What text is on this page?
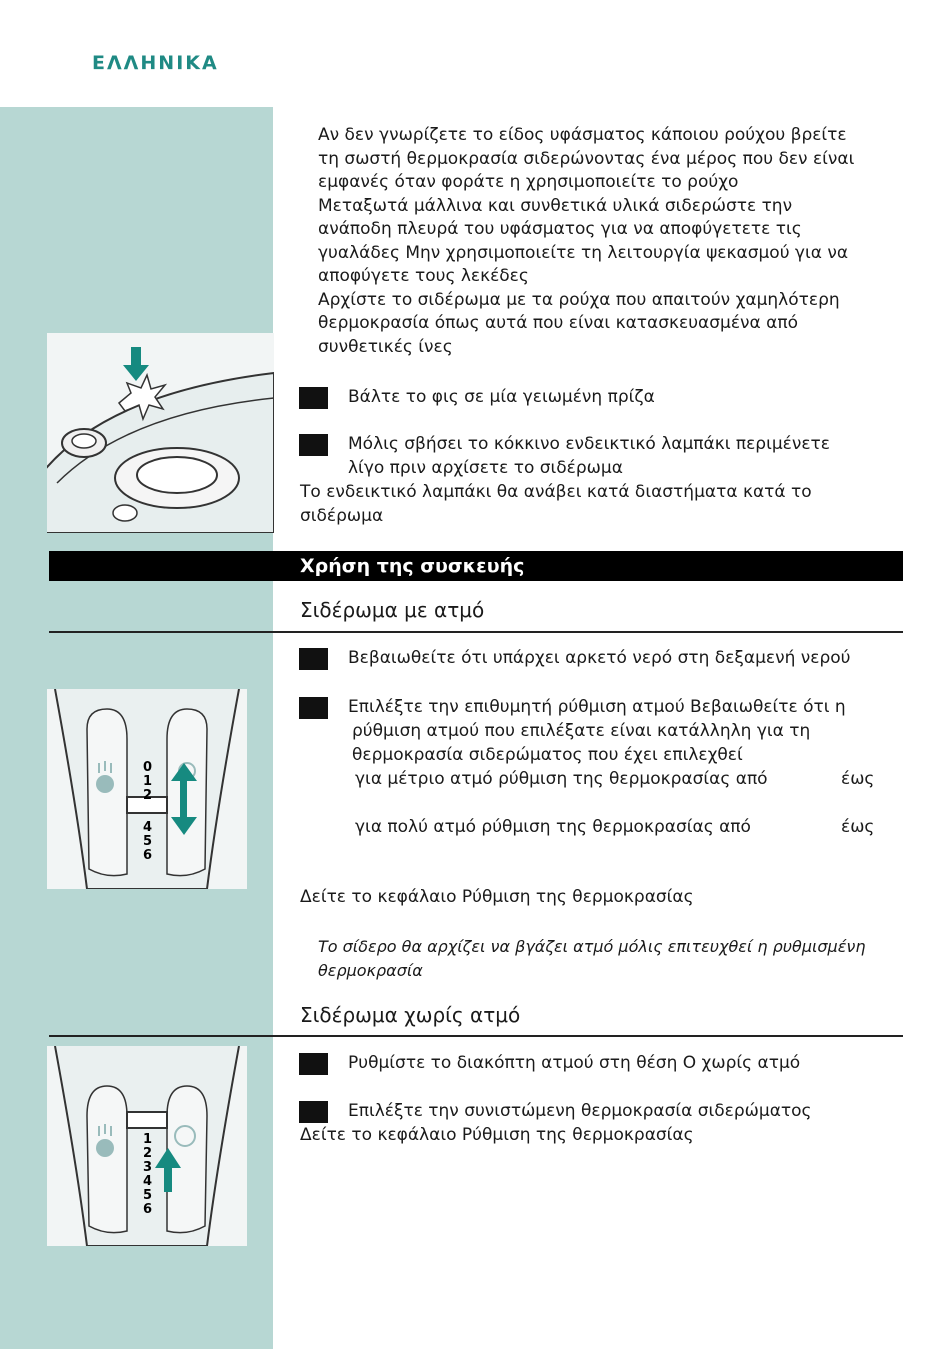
ΕΛΛΗΝΙΚΑ
Αν δεν γνωρίζετε το είδος υφάσματος κάποιου ρούχου βρείτε
τη σωστή θερμοκρασία σιδερώνοντας ένα μέρος που δεν είναι
εμφανές όταν φοράτε η χρησιμοποιείτε το ρούχο
Μεταξωτά μάλλινα και συνθετικά υλικά σιδερώστε την
ανάποδη πλευρά του υφάσματος για να αποφύγετετε τις
γυαλάδες Μην χρησιμοποιείτε τη λειτουργία ψεκασμού για να
αποφύγετε τους λεκέδες
Αρχίστε το σιδέρωμα με τα ρούχα που απαιτούν χαμηλότερη
θερμοκρασία όπως αυτά που είναι κατασκευασμένα από
συνθετικές ίνες
Βάλτε το φις σε μία γειωμένη πρίζα
Μόλις σβήσει το κόκκινο ενδεικτικό λαμπάκι περιμένετε
λίγο πριν αρχίσετε το σιδέρωμα
Το ενδεικτικό λαμπάκι θα ανάβει κατά διαστήματα κατά το
σιδέρωμα
Χρήση της συσκευής
Σιδέρωμα με ατμό
Βεβαιωθείτε ότι υπάρχει αρκετό νερό στη δεξαμενή νερού
Επιλέξτε την επιθυμητή ρύθμιση ατμού Βεβαιωθείτε ότι η
ρύθμιση ατμού που επιλέξατε είναι κατάλληλη για τη
θερμοκρασία σιδερώματος που έχει επιλεχθεί
για μέτριο ατμό ρύθμιση της θερμοκρασίας από	έως
για πολύ ατμό ρύθμιση της θερμοκρασίας από	έως
0
1
2
4
5
6
Δείτε το κεφάλαιο Ρύθμιση της θερμοκρασίας
Το σίδερο θα αρχίζει να βγάζει ατμό μόλις επιτευχθεί η ρυθμισμένη
θερμοκρασία
Σιδέρωμα χωρίς ατμό
Ρυθμίστε το διακόπτη ατμού στη θέση O χωρίς ατμό
Επιλέξτε την συνιστώμενη θερμοκρασία σιδερώματος
Δείτε το κεφάλαιο Ρύθμιση της θερμοκρασίας
1
2
3
4
5
6
